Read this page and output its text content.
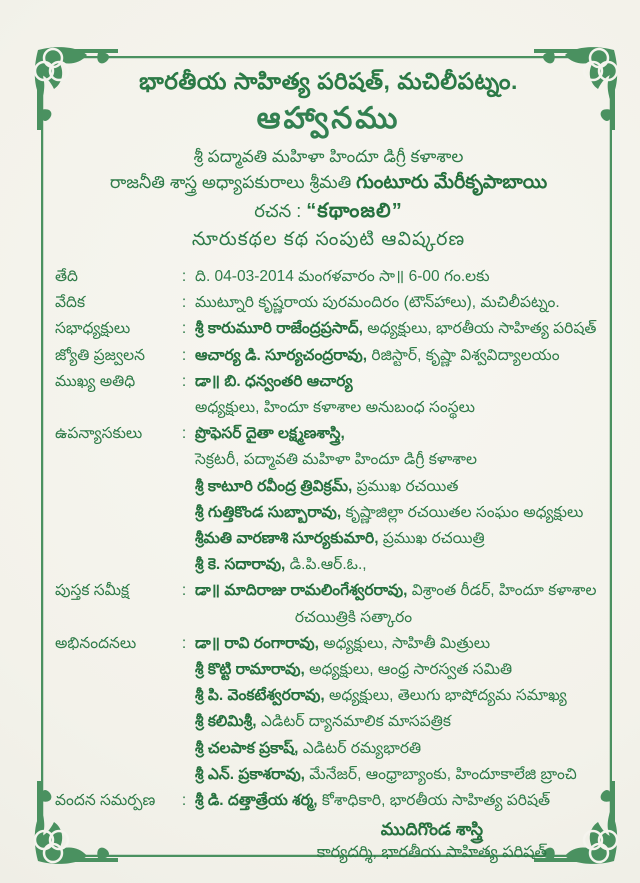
భారతీయ సాహిత్య పరిషత్, మచిలీపట్నం.
ఆహ్వానము
శ్రీ పద్మావతి మహిళా హిందూ డిగ్రీ కళాశాల
రాజనీతి శాస్త్ర అధ్యాపకురాలు శ్రీమతి గుంటూరు మేరీకృపాబాయి
రచన : “కథాంజలి”
నూరుకథల కథ సంపుటి ఆవిష్కరణ
తేది	: ది. 04-03-2014 మంగళవారం సా॥ 6-00 గం.లకు
వేదిక	: ముట్నూరి కృష్ణరాయ పురమందిరం (టౌన్‌హాలు), మచిలీపట్నం.
సభాధ్యక్షులు	: శ్రీ కారుమూరి రాజేంద్రప్రసాద్, అధ్యక్షులు, భారతీయ సాహిత్య పరిషత్
జ్యోతి ప్రజ్వలన	: ఆచార్య డి. సూర్యచంద్రరావు, రిజిస్టార్, కృష్ణా విశ్వవిద్యాలయం
ముఖ్య అతిధి	: డా॥ బి. ధన్వంతరి ఆచార్య
అధ్యక్షులు, హిందూ కళాశాల అనుబంధ సంస్థలు
ఉపన్యాసకులు	: ప్రొఫెసర్ దైతా లక్ష్మణశాస్త్రి,
సెక్రటరీ, పద్మావతి మహిళా హిందూ డిగ్రీ కళాశాల
శ్రీ కాటూరి రవీంద్ర త్రివిక్రమ్, ప్రముఖ రచయిత
శ్రీ గుత్తికొండ సుబ్బారావు, కృష్ణాజిల్లా రచయితల సంఘం అధ్యక్షులు
శ్రీమతి వారణాశి సూర్యకుమారి, ప్రముఖ రచయిత్రి
శ్రీ కె. సదారావు, డి.పి.ఆర్.ఓ.,
పుస్తక సమీక్ష	: డా॥ మాదిరాజు రామలింగేశ్వరరావు, విశ్రాంత రీడర్, హిందూ కళాశాల
రచయిత్రికి సత్కారం
అభినందనలు	: డా॥ రావి రంగారావు, అధ్యక్షులు, సాహితీ మిత్రులు
శ్రీ కొట్టి రామారావు, అధ్యక్షులు, ఆంధ్ర సారస్వత సమితి
శ్రీ పి. వెంకటేశ్వరరావు, అధ్యక్షులు, తెలుగు భాషోద్యమ సమాఖ్య
శ్రీ కలిమిశ్రీ, ఎడిటర్ ద్యానమాలిక మాసపత్రిక
శ్రీ చలపాక ప్రకాష్, ఎడిటర్ రమ్యభారతి
శ్రీ ఎన్. ప్రకాశరావు, మేనేజర్, ఆంధ్రాబ్యాంకు, హిందూకాలేజి బ్రాంచి
వందన సమర్పణ	: శ్రీ డి. దత్తాత్రేయ శర్మ, కోశాధికారి, భారతీయ సాహిత్య పరిషత్
ముదిగొండ శాస్త్రి
కార్యదర్శి, భారతీయ సాహిత్య పరిషత్
